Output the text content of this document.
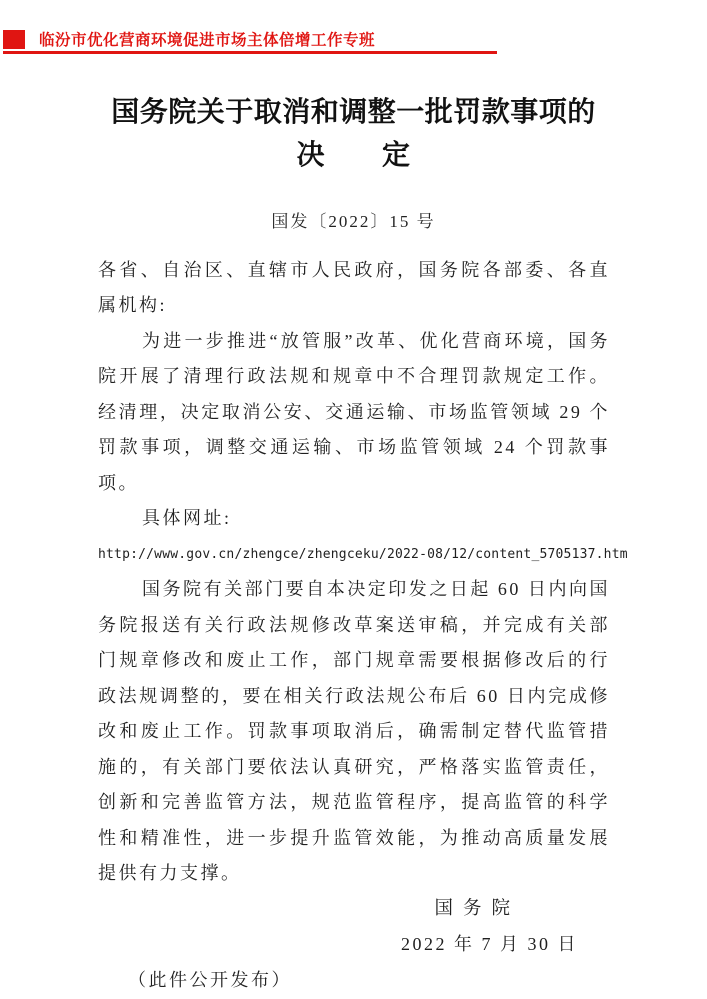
临汾市优化营商环境促进市场主体倍增工作专班
国务院关于取消和调整一批罚款事项的
决　　定
国发〔2022〕15 号

各省、自治区、直辖市人民政府，国务院各部委、各直属机构:

为进一步推进“放管服”改革、优化营商环境，国务院开展了清理行政法规和规章中不合理罚款规定工作。经清理，决定取消公安、交通运输、市场监管领域 29 个罚款事项，调整交通运输、市场监管领域 24 个罚款事项。

具体网址:

http://www.gov.cn/zhengce/zhengceku/2022-08/12/content_5705137.htm

国务院有关部门要自本决定印发之日起 60 日内向国务院报送有关行政法规修改草案送审稿，并完成有关部门规章修改和废止工作，部门规章需要根据修改后的行政法规调整的，要在相关行政法规公布后 60 日内完成修改和废止工作。罚款事项取消后，确需制定替代监管措施的，有关部门要依法认真研究，严格落实监管责任，创新和完善监管方法，规范监管程序，提高监管的科学性和精准性，进一步提升监管效能，为推动高质量发展提供有力支撑。

国务院

2022 年 7 月 30 日

（此件公开发布）
